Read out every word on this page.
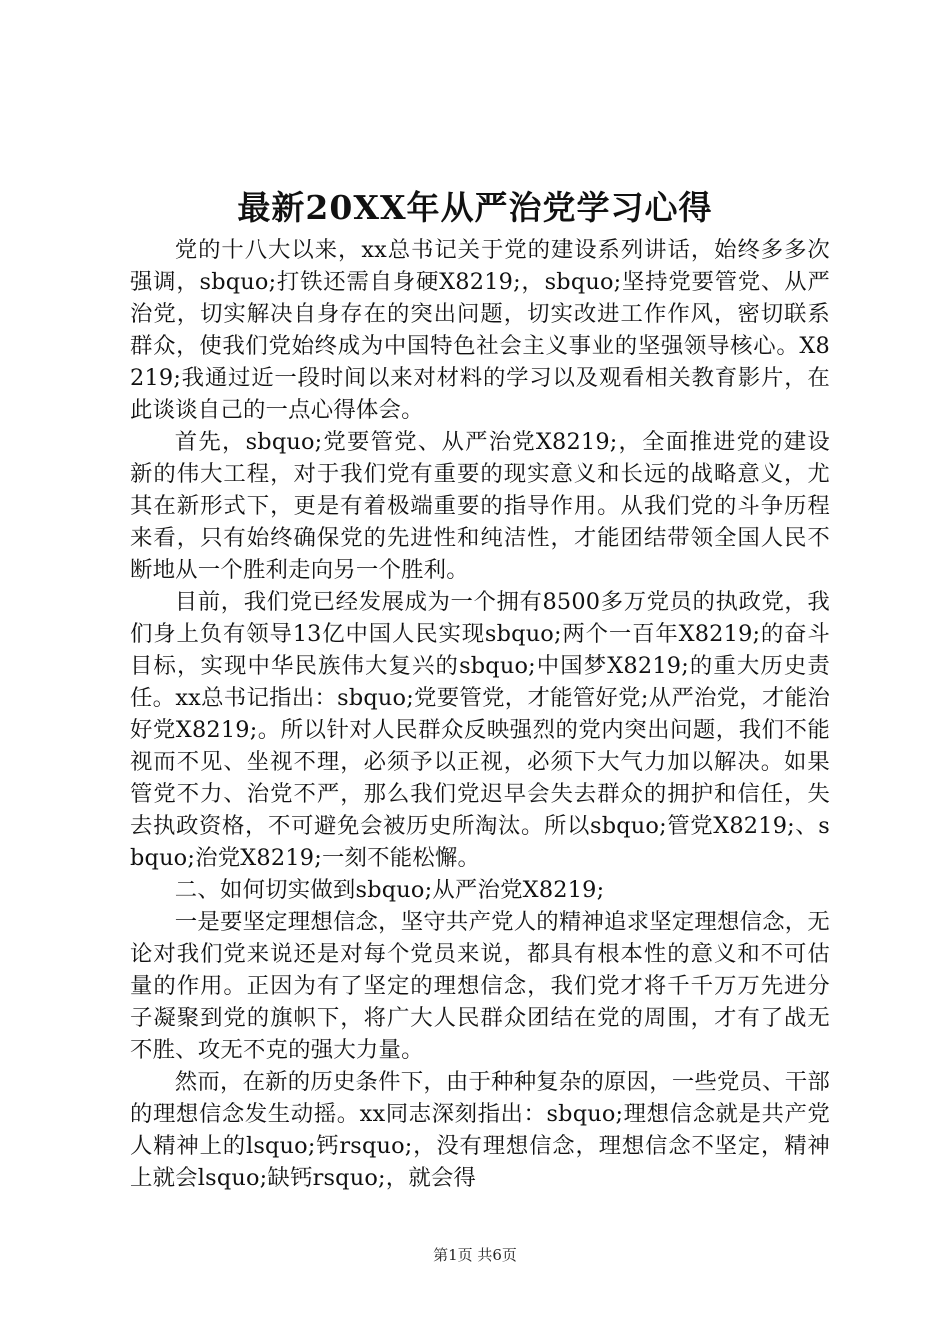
最新20XX年从严治党学习心得

党的十八大以来，xx总书记关于党的建设系列讲话，始终多多次强调，sbquo;打铁还需自身硬X8219;，sbquo;坚持党要管党、从严治党，切实解决自身存在的突出问题，切实改进工作作风，密切联系群众，使我们党始终成为中国特色社会主义事业的坚强领导核心。X8219;我通过近一段时间以来对材料的学习以及观看相关教育影片，在此谈谈自己的一点心得体会。

首先，sbquo;党要管党、从严治党X8219;，全面推进党的建设新的伟大工程，对于我们党有重要的现实意义和长远的战略意义，尤其在新形式下，更是有着极端重要的指导作用。从我们党的斗争历程来看，只有始终确保党的先进性和纯洁性，才能团结带领全国人民不断地从一个胜利走向另一个胜利。

目前，我们党已经发展成为一个拥有8500多万党员的执政党，我们身上负有领导13亿中国人民实现sbquo;两个一百年X8219;的奋斗目标，实现中华民族伟大复兴的sbquo;中国梦X8219;的重大历史责任。xx总书记指出：sbquo;党要管党，才能管好党;从严治党，才能治好党X8219;。所以针对人民群众反映强烈的党内突出问题，我们不能视而不见、坐视不理，必须予以正视，必须下大气力加以解决。如果管党不力、治党不严，那么我们党迟早会失去群众的拥护和信任，失去执政资格，不可避免会被历史所淘汰。所以sbquo;管党X8219;、sbquo;治党X8219;一刻不能松懈。

二、如何切实做到sbquo;从严治党X8219;

一是要坚定理想信念，坚守共产党人的精神追求坚定理想信念，无论对我们党来说还是对每个党员来说，都具有根本性的意义和不可估量的作用。正因为有了坚定的理想信念，我们党才将千千万万先进分子凝聚到党的旗帜下，将广大人民群众团结在党的周围，才有了战无不胜、攻无不克的强大力量。

然而，在新的历史条件下，由于种种复杂的原因，一些党员、干部的理想信念发生动摇。xx同志深刻指出：sbquo;理想信念就是共产党人精神上的lsquo;钙rsquo;，没有理想信念，理想信念不坚定，精神上就会lsquo;缺钙rsquo;，就会得

第1页 共6页
